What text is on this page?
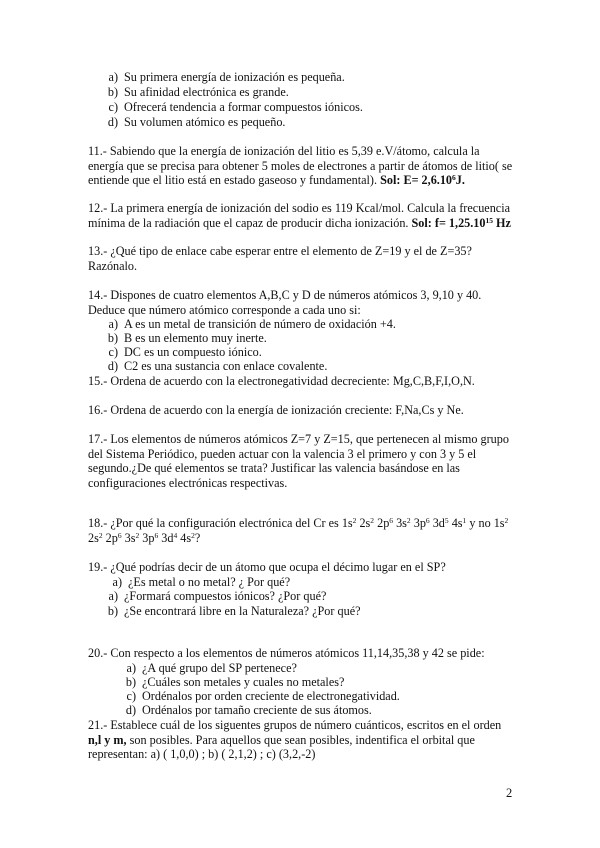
a) Su primera energía de ionización es pequeña.
b) Su afinidad electrónica es grande.
c) Ofrecerá tendencia a formar compuestos iónicos.
d) Su volumen atómico es pequeño.

11.- Sabiendo que la energía de ionización del litio es 5,39 e.V/átomo, calcula la energía que se precisa para obtener 5 moles de electrones a partir de átomos de litio( se entiende que el litio está en estado gaseoso y fundamental). Sol: $E= 2,6.10^6J$.

12.- La primera energía de ionización del sodio es 119 Kcal/mol. Calcula la frecuencia mínima de la radiación que el capaz de producir dicha ionización. Sol: $f= 1,25.10^{15}$ Hz

13.- ¿Qué tipo de enlace cabe esperar entre el elemento de Z=19 y el de Z=35? Razónalo.

14.- Dispones de cuatro elementos A,B,C y D de números atómicos 3, 9,10 y 40. Deduce que número atómico corresponde a cada uno si:

a) A es un metal de transición de número de oxidación +4.
b) B es un elemento muy inerte.
c) DC es un compuesto iónico.
d) C2 es una sustancia con enlace covalente.

15.- Ordena de acuerdo con la electronegatividad decreciente: Mg,C,B,F,I,O,N.

16.- Ordena de acuerdo con la energía de ionización creciente: F,Na,Cs y Ne.

17.- Los elementos de números atómicos Z=7 y Z=15, que pertenecen al mismo grupo del Sistema Periódico, pueden actuar con la valencia 3 el primero y con 3 y 5 el segundo.¿De qué elementos se trata? Justificar las valencia basándose en las configuraciones electrónicas respectivas.

18.- ¿Por qué la configuración electrónica del Cr es $1s^2$ $2s^2$ $2p^6$ $3s^2$ $3p^6$ $3d^5$ $4s^1$ y no $1s^2$
$2s^2$ $2p^6$ $3s^2$ $3p^6$ $3d^4$ $4s^2$?

19.- ¿Qué podrías decir de un átomo que ocupa el décimo lugar en el SP?

a) ¿Es metal o no metal? ¿ Por qué?
a) ¿Formará compuestos iónicos? ¿Por qué?
b) ¿Se encontrará libre en la Naturaleza? ¿Por qué?

20.- Con respecto a los elementos de números atómicos 11,14,35,38 y 42 se pide:

a) ¿A qué grupo del SP pertenece?
b) ¿Cuáles son metales y cuales no metales?
c) Ordénalos por orden creciente de electronegatividad.
d) Ordénalos por tamaño creciente de sus átomos.

21.- Establece cuál de los siguentes grupos de número cuánticos, escritos en el orden n,l y m, son posibles. Para aquellos que sean posibles, indentifica el orbital que representan: a) ( 1,0,0) ; b) ( 2,1,2) ; c) (3,2,-2)

2
